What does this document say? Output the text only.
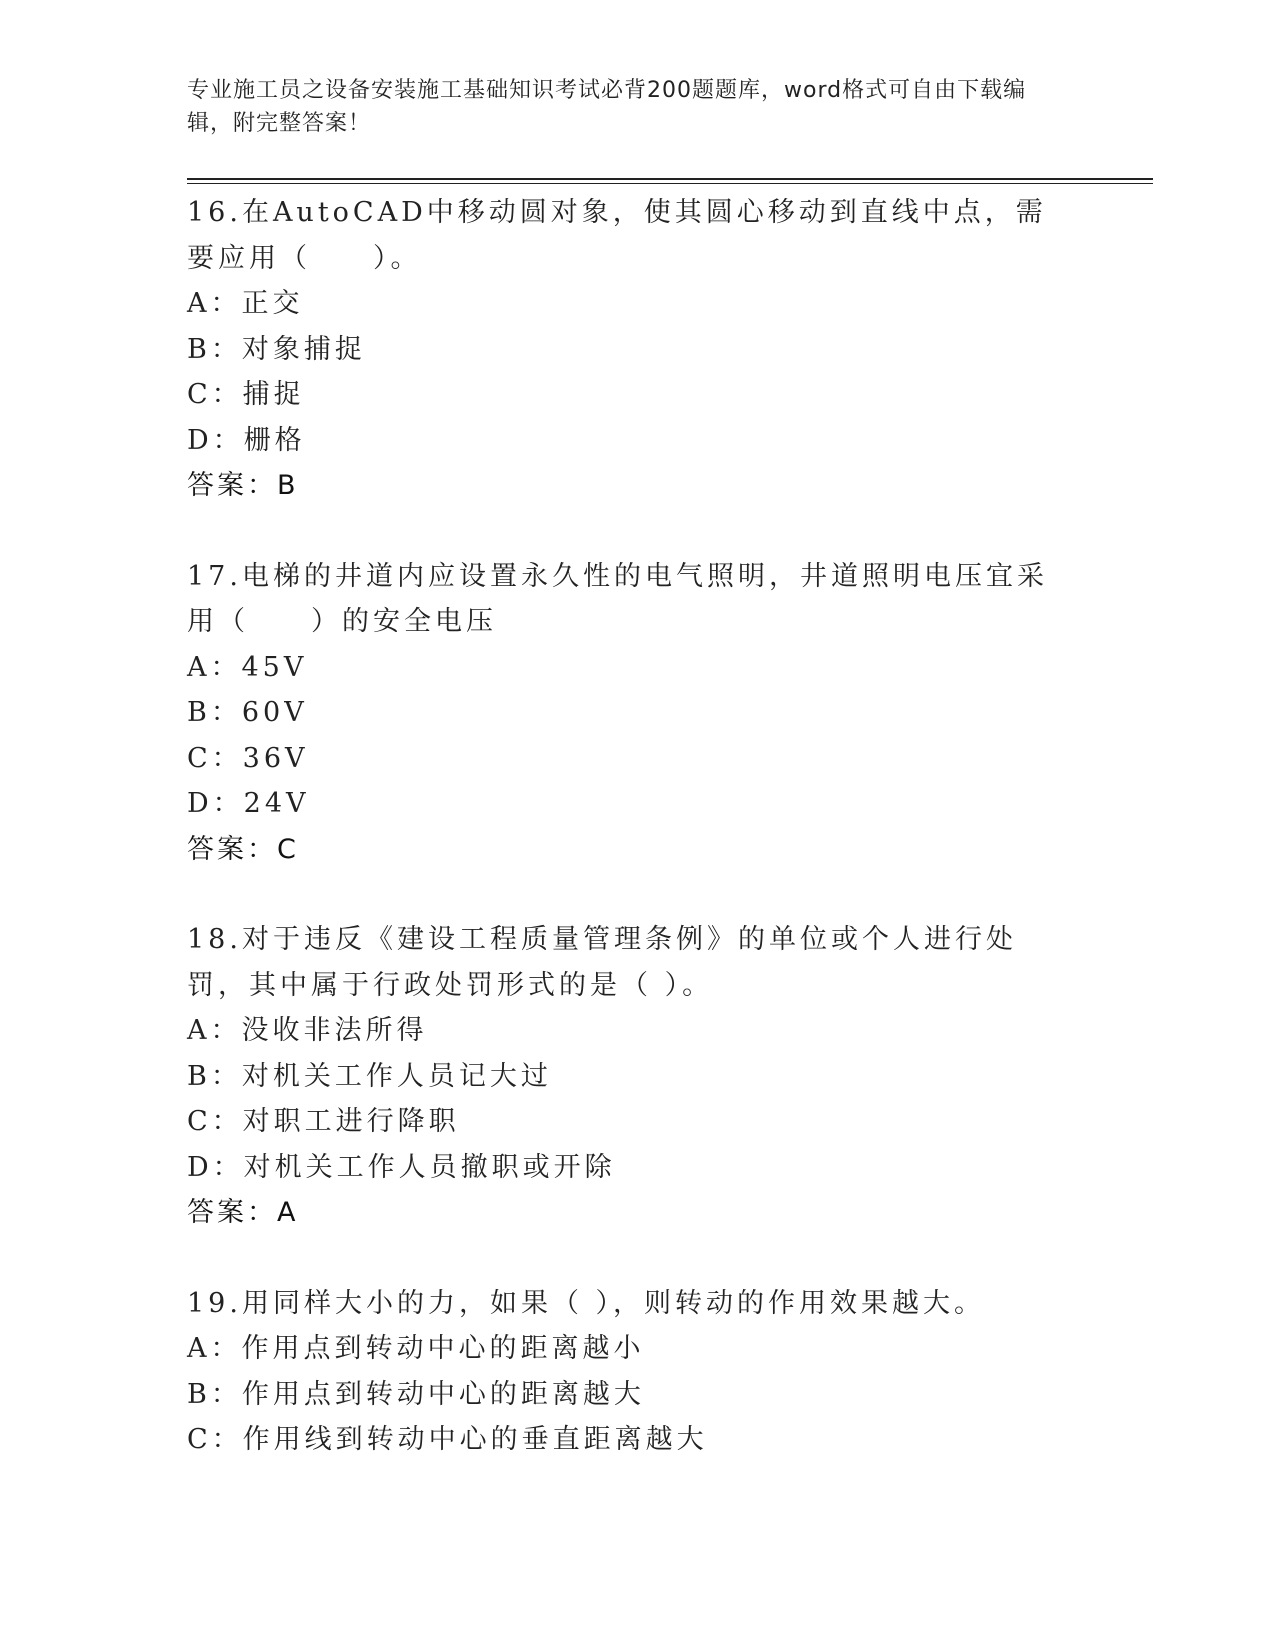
专业施工员之设备安装施工基础知识考试必背200题题库，word格式可自由下载编辑，附完整答案！
16.在AutoCAD中移动圆对象，使其圆心移动到直线中点，需要应用（　　）。
A：正交
B：对象捕捉
C：捕捉
D：栅格
答案：B
17.电梯的井道内应设置永久性的电气照明，井道照明电压宜采用（　　）的安全电压
A：45V
B：60V
C：36V
D：24V
答案：C
18.对于违反《建设工程质量管理条例》的单位或个人进行处罚，其中属于行政处罚形式的是（ ）。
A：没收非法所得
B：对机关工作人员记大过
C：对职工进行降职
D：对机关工作人员撤职或开除
答案：A
19.用同样大小的力，如果（ ），则转动的作用效果越大。
A：作用点到转动中心的距离越小
B：作用点到转动中心的距离越大
C：作用线到转动中心的垂直距离越大
